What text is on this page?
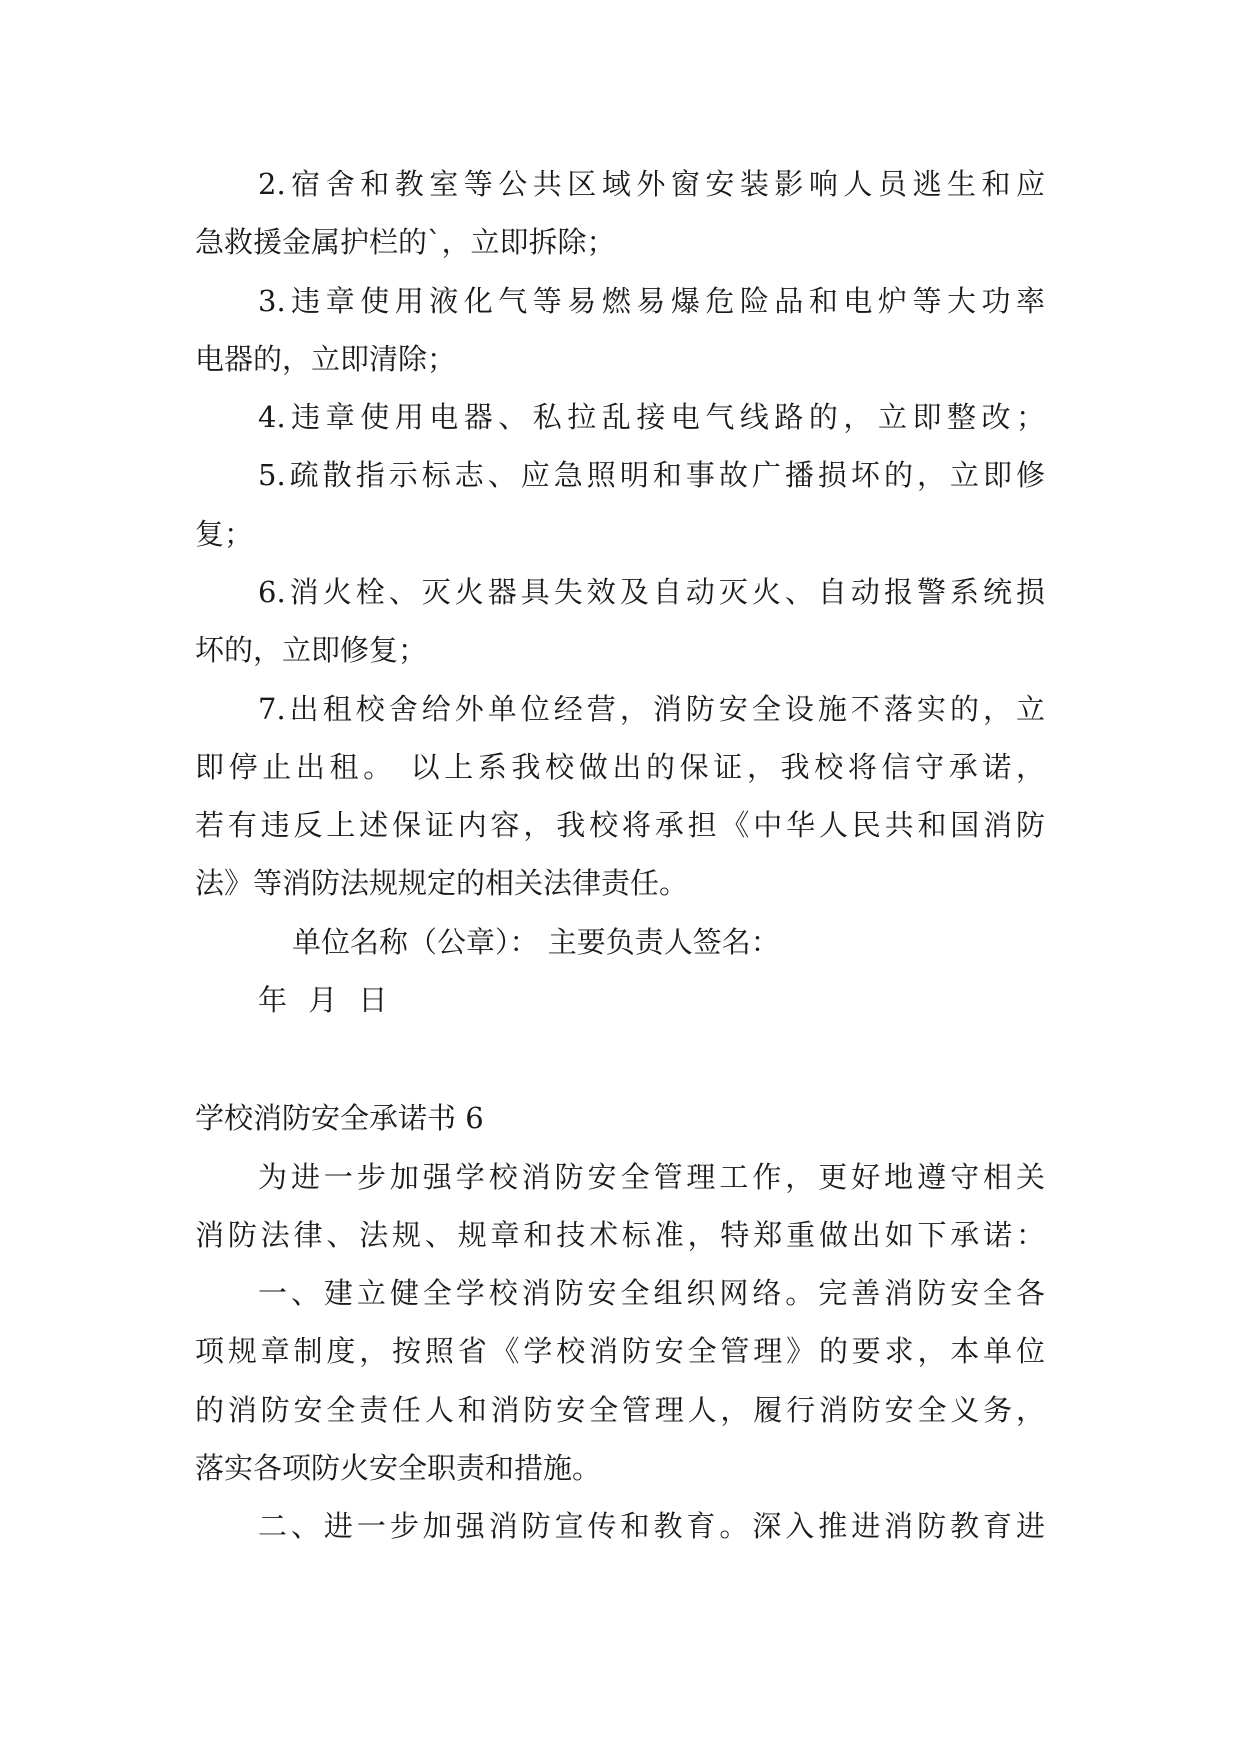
2.宿舍和教室等公共区域外窗安装影响人员逃生和应
急救援金属护栏的`，立即拆除；
3.违章使用液化气等易燃易爆危险品和电炉等大功率
电器的，立即清除；
4.违章使用电器、私拉乱接电气线路的，立即整改；
5.疏散指示标志、应急照明和事故广播损坏的，立即修
复；
6.消火栓、灭火器具失效及自动灭火、自动报警系统损
坏的，立即修复；
7.出租校舍给外单位经营，消防安全设施不落实的，立
即停止出租。 以上系我校做出的保证，我校将信守承诺，
若有违反上述保证内容，我校将承担《中华人民共和国消防
法》等消防法规规定的相关法律责任。
单位名称（公章）： 主要负责人签名：
年 月 日
学校消防安全承诺书 6
为进一步加强学校消防安全管理工作，更好地遵守相关
消防法律、法规、规章和技术标准，特郑重做出如下承诺：
一、建立健全学校消防安全组织网络。完善消防安全各
项规章制度，按照省《学校消防安全管理》的要求，本单位
的消防安全责任人和消防安全管理人，履行消防安全义务，
落实各项防火安全职责和措施。
二、进一步加强消防宣传和教育。深入推进消防教育进
